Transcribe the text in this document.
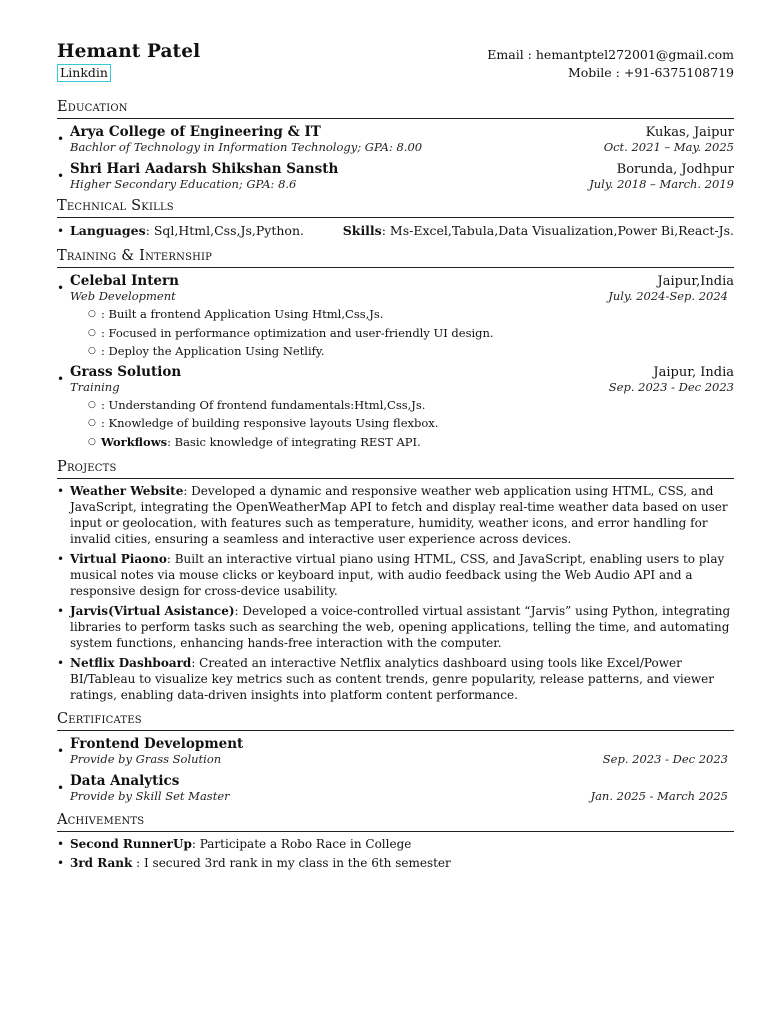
Hemant Patel
Linkdin
Email : hemantptel272001@gmail.com
Mobile : +91-6375108719
Education
• Arya College of Engineering & IT	Kukas, Jaipur
Bachlor of Technology in Information Technology; GPA: 8.00	Oct. 2021 – May. 2025
• Shri Hari Aadarsh Shikshan Sansth	Borunda, Jodhpur
Higher Secondary Education; GPA: 8.6	July. 2018 – March. 2019
Technical Skills
• Languages: Sql,Html,Css,Js,Python.	Skills: Ms-Excel,Tabula,Data Visualization,Power Bi,React-Js.
Training & Internship
• Celebal Intern	Jaipur,India
Web Development	July. 2024-Sep. 2024
○ : Built a frontend Application Using Html,Css,Js.
○ : Focused in performance optimization and user-friendly UI design.
○ : Deploy the Application Using Netlify.
• Grass Solution	Jaipur, India
Training	Sep. 2023 - Dec 2023
○ : Understanding Of frontend fundamentals:Html,Css,Js.
○ : Knowledge of building responsive layouts Using flexbox.
○ Workflows: Basic knowledge of integrating REST API.
Projects
• Weather Website: Developed a dynamic and responsive weather web application using HTML, CSS, and JavaScript, integrating the OpenWeatherMap API to fetch and display real-time weather data based on user input or geolocation, with features such as temperature, humidity, weather icons, and error handling for invalid cities, ensuring a seamless and interactive user experience across devices.
• Virtual Piaono: Built an interactive virtual piano using HTML, CSS, and JavaScript, enabling users to play musical notes via mouse clicks or keyboard input, with audio feedback using the Web Audio API and a responsive design for cross-device usability.
• Jarvis(Virtual Asistance): Developed a voice-controlled virtual assistant “Jarvis” using Python, integrating libraries to perform tasks such as searching the web, opening applications, telling the time, and automating system functions, enhancing hands-free interaction with the computer.
• Netflix Dashboard: Created an interactive Netflix analytics dashboard using tools like Excel/Power BI/Tableau to visualize key metrics such as content trends, genre popularity, release patterns, and viewer ratings, enabling data-driven insights into platform content performance.
Certificates
• Frontend Development
Provide by Grass Solution	Sep. 2023 - Dec 2023
• Data Analytics
Provide by Skill Set Master	Jan. 2025 - March 2025
Achivements
• Second RunnerUp: Participate a Robo Race in College
• 3rd Rank : I secured 3rd rank in my class in the 6th semester
